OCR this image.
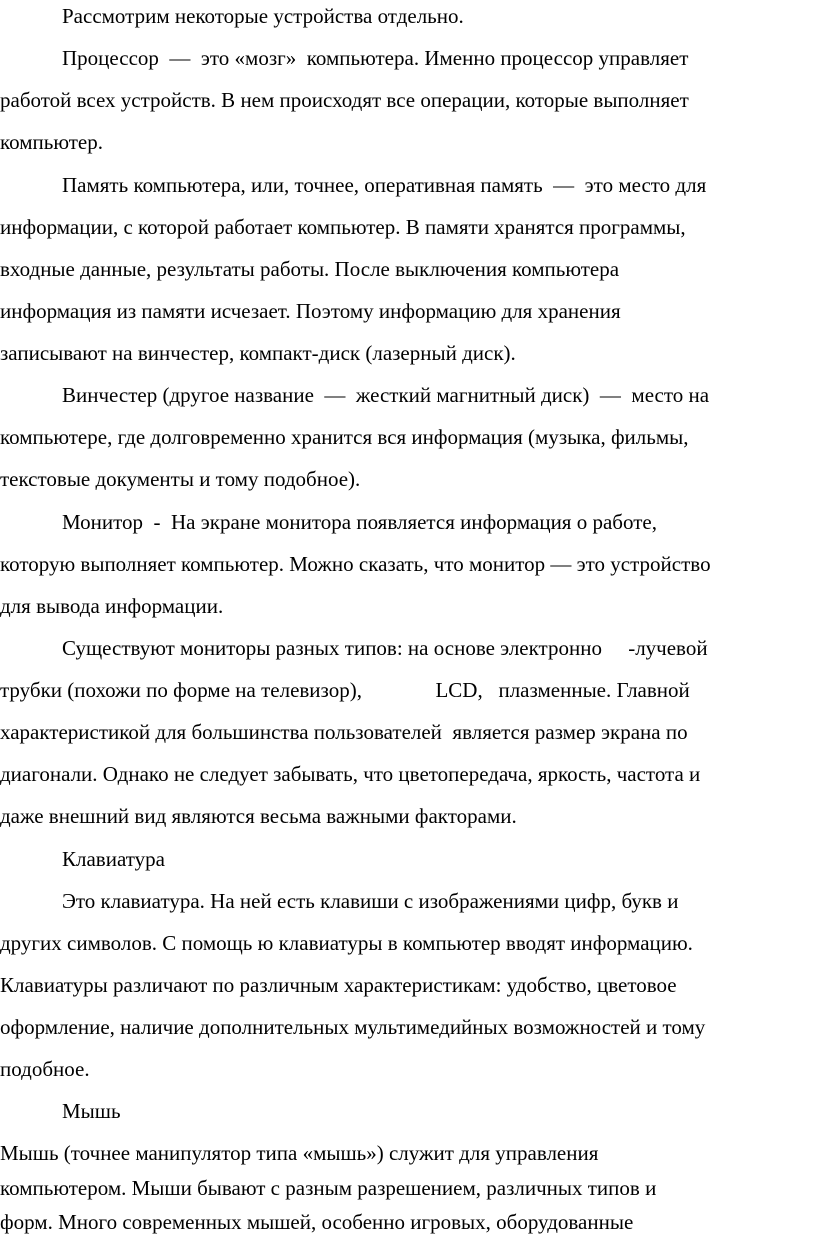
Рассмотрим некоторые устройства отдельно.
Процессор  —  это «мозг»  компьютера. Именно процессор управляет
работой всех устройств. В нем происходят все операции, которые выполняет
компьютер.
Память компьютера, или, точнее, оперативная память  —  это место для
информации, с которой работает компьютер. В памяти хранятся программы,
входные данные, результаты работы. После выключения компьютера
информация из памяти исчезает. Поэтому информацию для хранения
записывают на винчестер, компакт-диск (лазерный диск).
Винчестер (другое название  —  жесткий магнитный диск)  —  место на
компьютере, где долговременно хранится вся информация (музыка, фильмы,
текстовые документы и тому подобное).
Монитор  -  На экране монитора появляется информация о работе,
которую выполняет компьютер. Можно сказать, что монитор — это устройство
для вывода информации.
Существуют мониторы разных типов: на основе электронно     -лучевой
трубки (похожи по форме на телевизор),              LCD,   плазменные. Главной
характеристикой для большинства пользователей  является размер экрана по
диагонали. Однако не следует забывать, что цветопередача, яркость, частота и
даже внешний вид являются весьма важными факторами.
Клавиатура
Это клавиатура. На ней есть клавиши с изображениями цифр, букв и
других символов. С помощь ю клавиатуры в компьютер вводят информацию.
Клавиатуры различают по различным характеристикам: удобство, цветовое
оформление, наличие дополнительных мультимедийных возможностей и тому
подобное.
Мышь
Мышь (точнее манипулятор типа «мышь») служит для управления
компьютером. Мыши бывают с разным разрешением, различных типов и
форм. Много современных мышей, особенно игровых, оборудованные
